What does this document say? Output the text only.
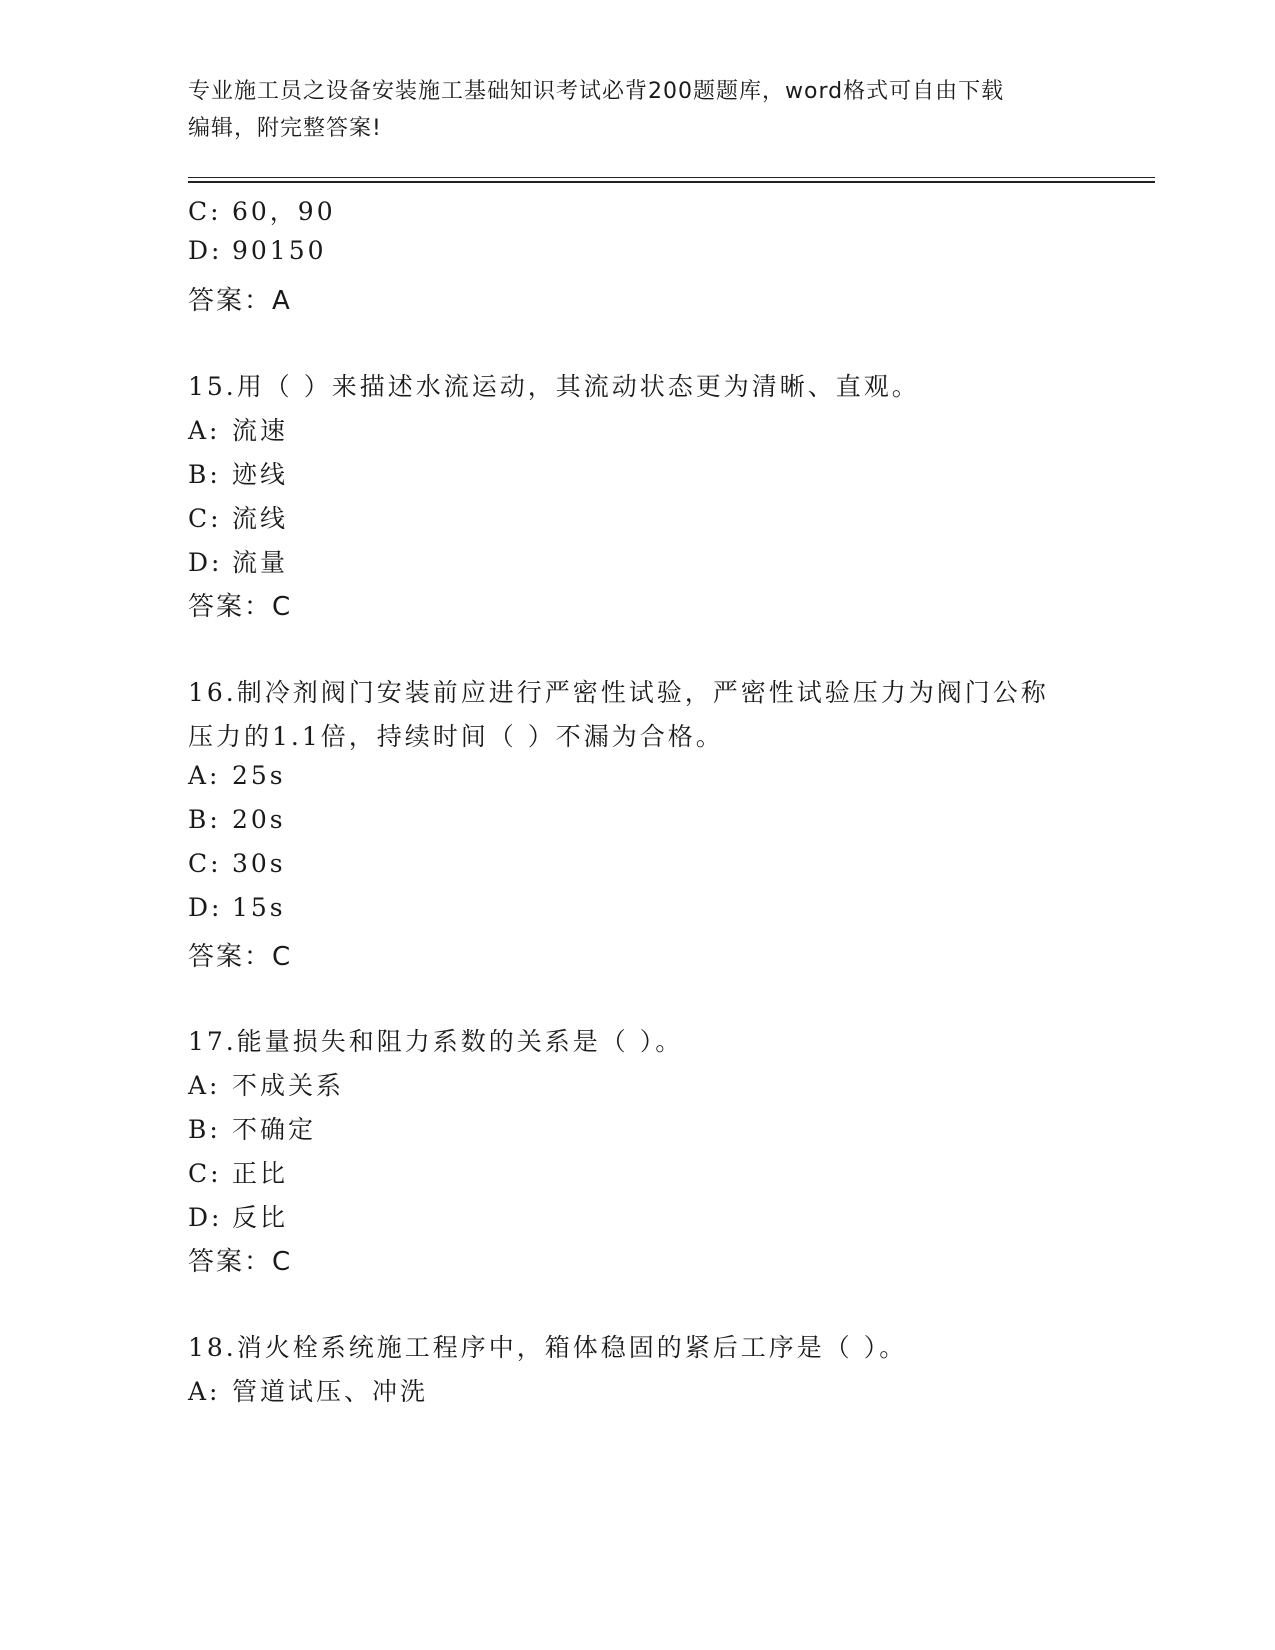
专业施工员之设备安装施工基础知识考试必背200题题库，word格式可自由下载
编辑，附完整答案!
C: 60，90
D: 90150
答案：A
15.用（ ）来描述水流运动，其流动状态更为清晰、直观。
A: 流速
B: 迹线
C: 流线
D: 流量
答案：C
16.制冷剂阀门安装前应进行严密性试验，严密性试验压力为阀门公称
压力的1.1倍，持续时间（ ）不漏为合格。
A: 25s
B: 20s
C: 30s
D: 15s
答案：C
17.能量损失和阻力系数的关系是（ ）。
A: 不成关系
B: 不确定
C: 正比
D: 反比
答案：C
18.消火栓系统施工程序中，箱体稳固的紧后工序是（ ）。
A: 管道试压、冲洗
